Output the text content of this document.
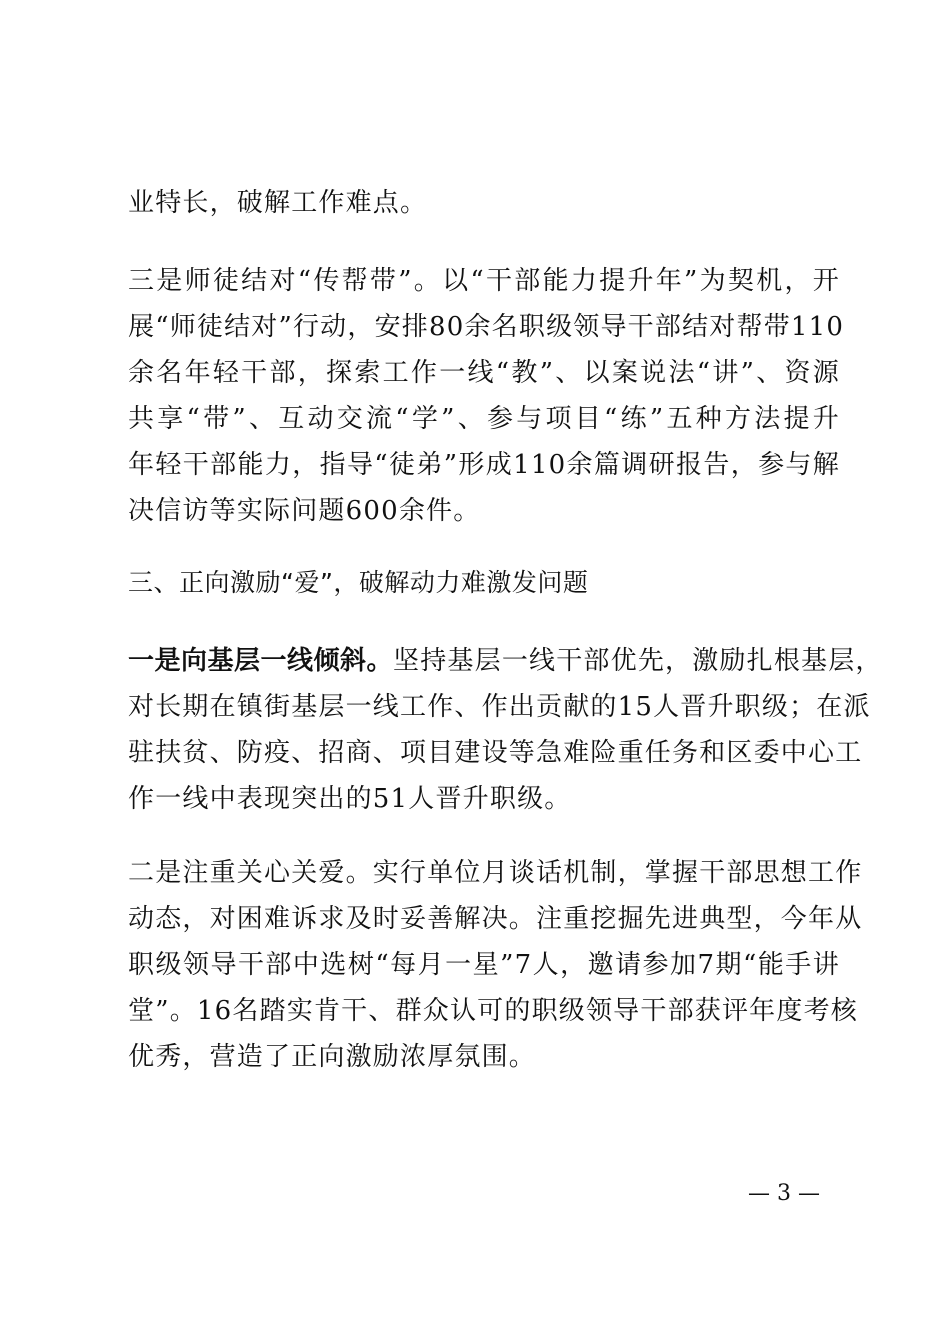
业特长，破解工作难点。
三是师徒结对“传帮带”。以“干部能力提升年”为契机，开
展“师徒结对”行动，安排80余名职级领导干部结对帮带110
余名年轻干部，探索工作一线“教”、以案说法“讲”、资源
共享“带”、互动交流“学”、参与项目“练”五种方法提升
年轻干部能力，指导“徒弟”形成110余篇调研报告，参与解
决信访等实际问题600余件。
三、正向激励“爱”，破解动力难激发问题
一是向基层一线倾斜。坚持基层一线干部优先，激励扎根基层，
对长期在镇街基层一线工作、作出贡献的15人晋升职级；在派
驻扶贫、防疫、招商、项目建设等急难险重任务和区委中心工
作一线中表现突出的51人晋升职级。
二是注重关心关爱。实行单位月谈话机制，掌握干部思想工作
动态，对困难诉求及时妥善解决。注重挖掘先进典型，今年从
职级领导干部中选树“每月一星”7人，邀请参加7期“能手讲
堂”。16名踏实肯干、群众认可的职级领导干部获评年度考核
优秀，营造了正向激励浓厚氛围。
— 3 —
